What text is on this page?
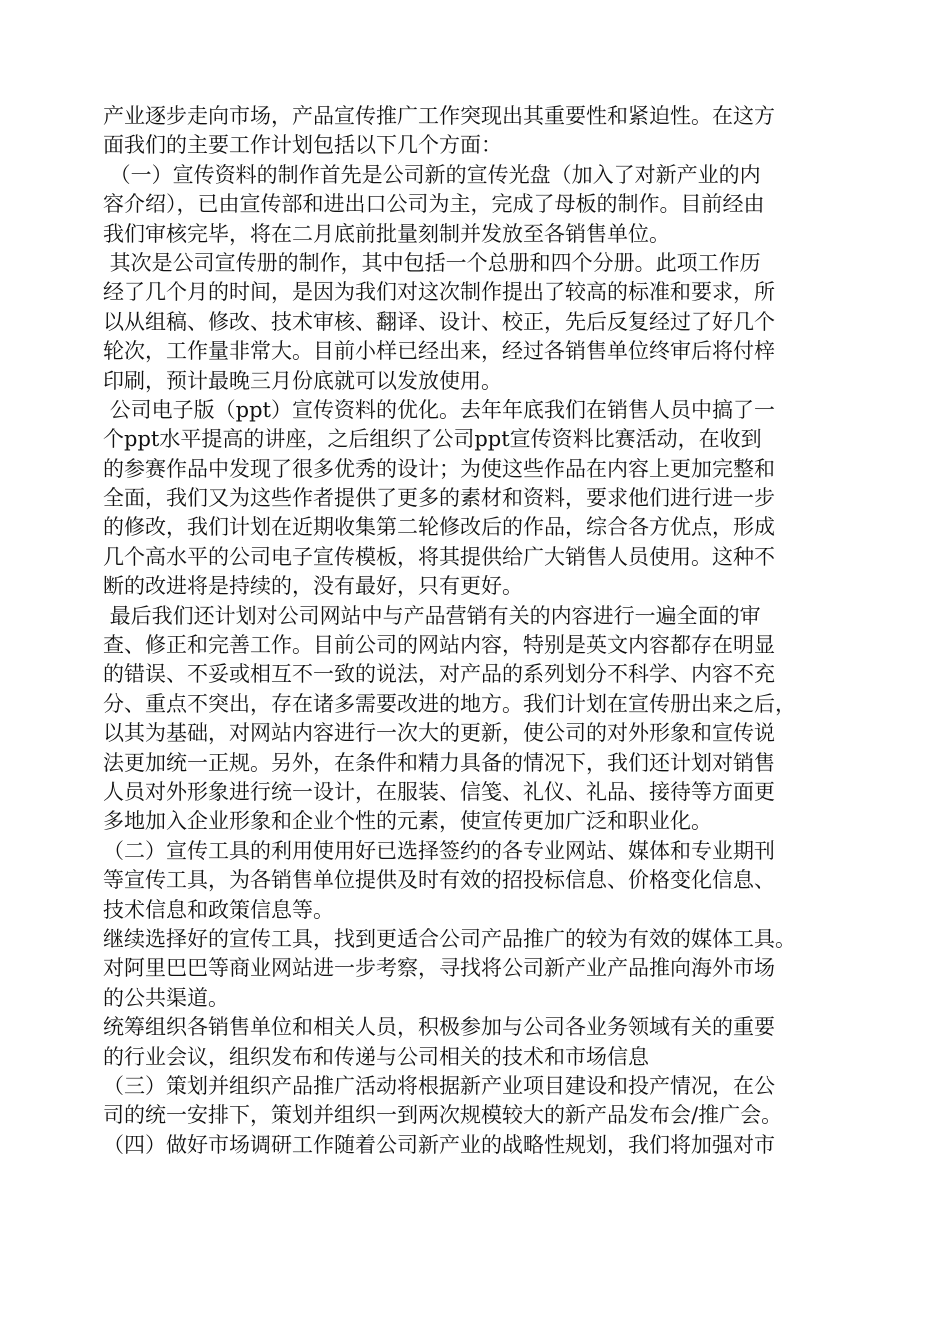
产业逐步走向市场，产品宣传推广工作突现出其重要性和紧迫性。在这方
面我们的主要工作计划包括以下几个方面：
（一）宣传资料的制作首先是公司新的宣传光盘（加入了对新产业的内
容介绍），已由宣传部和进出口公司为主，完成了母板的制作。目前经由
我们审核完毕，将在二月底前批量刻制并发放至各销售单位。
其次是公司宣传册的制作，其中包括一个总册和四个分册。此项工作历
经了几个月的时间，是因为我们对这次制作提出了较高的标准和要求，所
以从组稿、修改、技术审核、翻译、设计、校正，先后反复经过了好几个
轮次，工作量非常大。目前小样已经出来，经过各销售单位终审后将付梓
印刷，预计最晚三月份底就可以发放使用。
公司电子版（ppt）宣传资料的优化。去年年底我们在销售人员中搞了一
个ppt水平提高的讲座，之后组织了公司ppt宣传资料比赛活动，在收到
的参赛作品中发现了很多优秀的设计；为使这些作品在内容上更加完整和
全面，我们又为这些作者提供了更多的素材和资料，要求他们进行进一步
的修改，我们计划在近期收集第二轮修改后的作品，综合各方优点，形成
几个高水平的公司电子宣传模板，将其提供给广大销售人员使用。这种不
断的改进将是持续的，没有最好，只有更好。
最后我们还计划对公司网站中与产品营销有关的内容进行一遍全面的审
查、修正和完善工作。目前公司的网站内容，特别是英文内容都存在明显
的错误、不妥或相互不一致的说法，对产品的系列划分不科学、内容不充
分、重点不突出，存在诸多需要改进的地方。我们计划在宣传册出来之后，
以其为基础，对网站内容进行一次大的更新，使公司的对外形象和宣传说
法更加统一正规。另外，在条件和精力具备的情况下，我们还计划对销售
人员对外形象进行统一设计，在服装、信笺、礼仪、礼品、接待等方面更
多地加入企业形象和企业个性的元素，使宣传更加广泛和职业化。
（二）宣传工具的利用使用好已选择签约的各专业网站、媒体和专业期刊
等宣传工具，为各销售单位提供及时有效的招投标信息、价格变化信息、
技术信息和政策信息等。
继续选择好的宣传工具，找到更适合公司产品推广的较为有效的媒体工具。
对阿里巴巴等商业网站进一步考察，寻找将公司新产业产品推向海外市场
的公共渠道。
统筹组织各销售单位和相关人员，积极参加与公司各业务领域有关的重要
的行业会议，组织发布和传递与公司相关的技术和市场信息
（三）策划并组织产品推广活动将根据新产业项目建设和投产情况，在公
司的统一安排下，策划并组织一到两次规模较大的新产品发布会/推广会。
（四）做好市场调研工作随着公司新产业的战略性规划，我们将加强对市
